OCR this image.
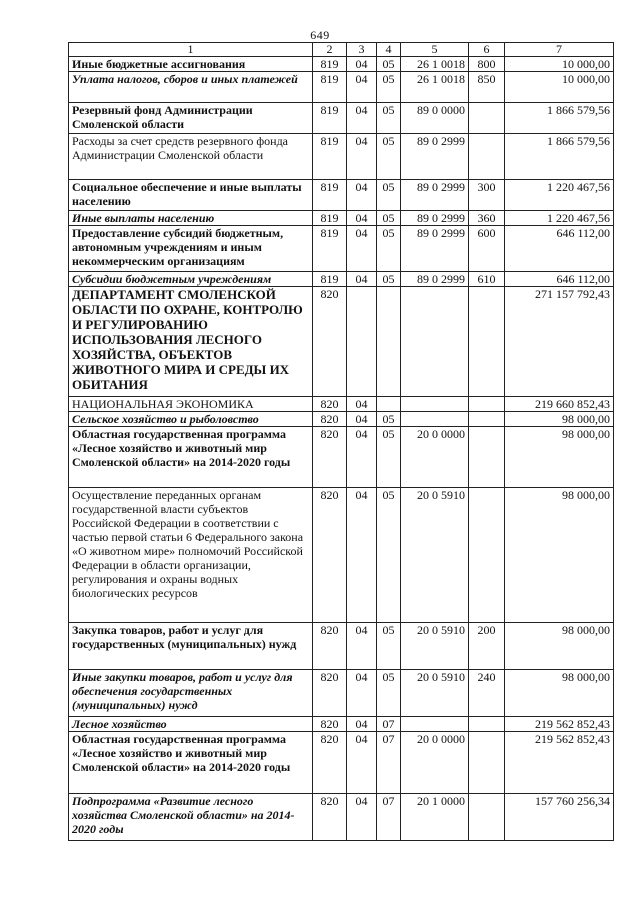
649
1	2	3	4	5	6	7
Иные бюджетные ассигнования	819	04	05	26 1 0018	800	10 000,00
Уплата налогов, сборов и иных платежей	819	04	05	26 1 0018	850	10 000,00
Резервный фонд Администрации Смоленской области	819	04	05	89 0 0000		1 866 579,56
Расходы за счет средств резервного фонда Администрации Смоленской области	819	04	05	89 0 2999		1 866 579,56
Социальное обеспечение и иные выплаты населению	819	04	05	89 0 2999	300	1 220 467,56
Иные выплаты населению	819	04	05	89 0 2999	360	1 220 467,56
Предоставление субсидий бюджетным, автономным учреждениям и иным некоммерческим организациям	819	04	05	89 0 2999	600	646 112,00
Субсидии бюджетным учреждениям	819	04	05	89 0 2999	610	646 112,00
ДЕПАРТАМЕНТ СМОЛЕНСКОЙ ОБЛАСТИ ПО ОХРАНЕ, КОНТРОЛЮ И РЕГУЛИРОВАНИЮ ИСПОЛЬЗОВАНИЯ ЛЕСНОГО ХОЗЯЙСТВА, ОБЪЕКТОВ ЖИВОТНОГО МИРА И СРЕДЫ ИХ ОБИТАНИЯ	820					271 157 792,43
НАЦИОНАЛЬНАЯ ЭКОНОМИКА	820	04				219 660 852,43
Сельское хозяйство и рыболовство	820	04	05			98 000,00
Областная государственная программа «Лесное хозяйство и животный мир Смоленской области» на 2014-2020 годы	820	04	05	20 0 0000		98 000,00
Осуществление переданных органам государственной власти субъектов Российской Федерации в соответствии с частью первой статьи 6 Федерального закона «О животном мире» полномочий Российской Федерации в области организации, регулирования и охраны водных биологических ресурсов	820	04	05	20 0 5910		98 000,00
Закупка товаров, работ и услуг для государственных (муниципальных) нужд	820	04	05	20 0 5910	200	98 000,00
Иные закупки товаров, работ и услуг для обеспечения государственных (муниципальных) нужд	820	04	05	20 0 5910	240	98 000,00
Лесное хозяйство	820	04	07			219 562 852,43
Областная государственная программа «Лесное хозяйство и животный мир Смоленской области» на 2014-2020 годы	820	04	07	20 0 0000		219 562 852,43
Подпрограмма «Развитие лесного хозяйства Смоленской области» на 2014-2020 годы	820	04	07	20 1 0000		157 760 256,34
